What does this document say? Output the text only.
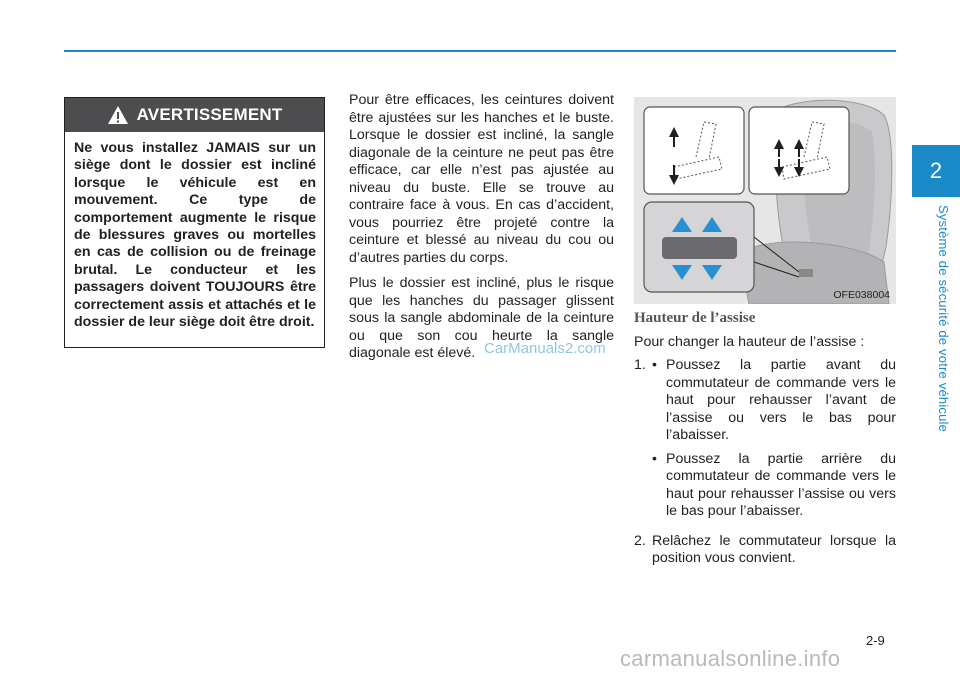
AVERTISSEMENT
Ne vous installez JAMAIS sur un siège dont le dossier est incliné lorsque le véhicule est en mouvement. Ce type de comportement augmente le risque de blessures graves ou mortelles en cas de collision ou de freinage brutal. Le conducteur et les passagers doivent TOUJOURS être correctement assis et attachés et le dossier de leur siège doit être droit.

Pour être efficaces, les ceintures doivent être ajustées sur les hanches et le buste. Lorsque le dossier est incliné, la sangle diagonale de la ceinture ne peut pas être efficace, car elle n’est pas ajustée au niveau du buste. Elle se trouve au contraire face à vous. En cas d’accident, vous pourriez être projeté contre la ceinture et blessé au niveau du cou ou d’autres parties du corps.

Plus le dossier est incliné, plus le risque que les hanches du passager glissent sous la sangle abdominale de la ceinture ou que son cou heurte la sangle diagonale est élevé.

OFE038004
Hauteur de l’assise
Pour changer la hauteur de l’assise :
1. • Poussez la partie avant du commutateur de commande vers le haut pour rehausser l’avant de l’assise ou vers le bas pour l’abaisser.
• Poussez la partie arrière du commutateur de commande vers le haut pour rehausser l’assise ou vers le bas pour l’abaisser.
2. Relâchez le commutateur lorsque la position vous convient.
2
Système de sécurité de votre véhicule
2-9
CarManuals2.com
carmanualsonline.info
